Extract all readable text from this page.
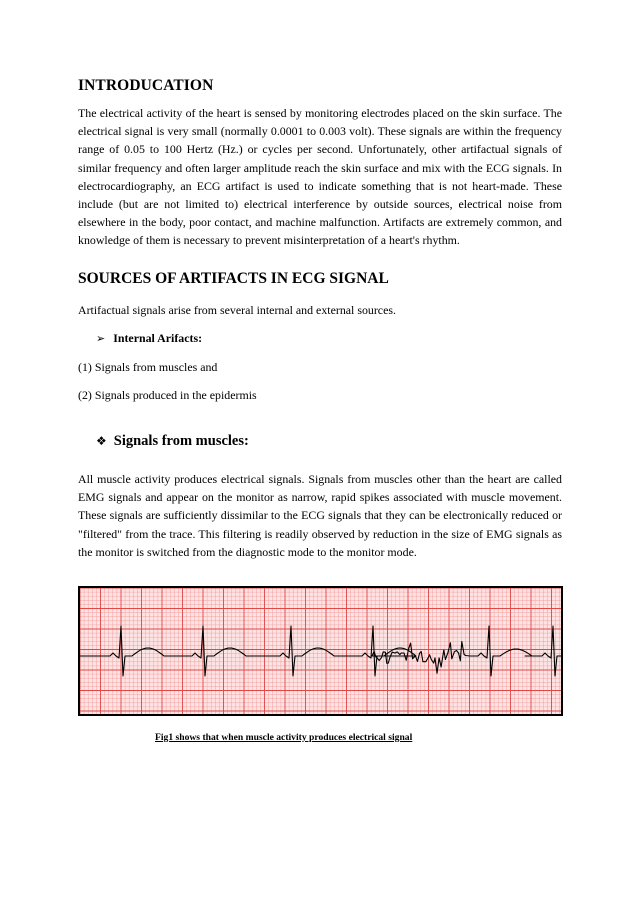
INTRODUCATION
The electrical activity of the heart is sensed by monitoring electrodes placed on the skin surface. The electrical signal is very small (normally 0.0001 to 0.003 volt). These signals are within the frequency range of 0.05 to 100 Hertz (Hz.) or cycles per second. Unfortunately, other artifactual signals of similar frequency and often larger amplitude reach the skin surface and mix with the ECG signals. In electrocardiography, an ECG artifact is used to indicate something that is not heart-made. These include (but are not limited to) electrical interference by outside sources, electrical noise from elsewhere in the body, poor contact, and machine malfunction. Artifacts are extremely common, and knowledge of them is necessary to prevent misinterpretation of a heart's rhythm.
SOURCES OF ARTIFACTS IN ECG SIGNAL
Artifactual signals arise from several internal and external sources.
➢ Internal Arifacts:
(1) Signals from muscles and
(2) Signals produced in the epidermis
❖ Signals from muscles:
All muscle activity produces electrical signals. Signals from muscles other than the heart are called EMG signals and appear on the monitor as narrow, rapid spikes associated with muscle movement. These signals are sufficiently dissimilar to the ECG signals that they can be electronically reduced or "filtered" from the trace. This filtering is readily observed by reduction in the size of EMG signals as the monitor is switched from the diagnostic mode to the monitor mode.
Fig1 shows that when muscle activity produces electrical signal
